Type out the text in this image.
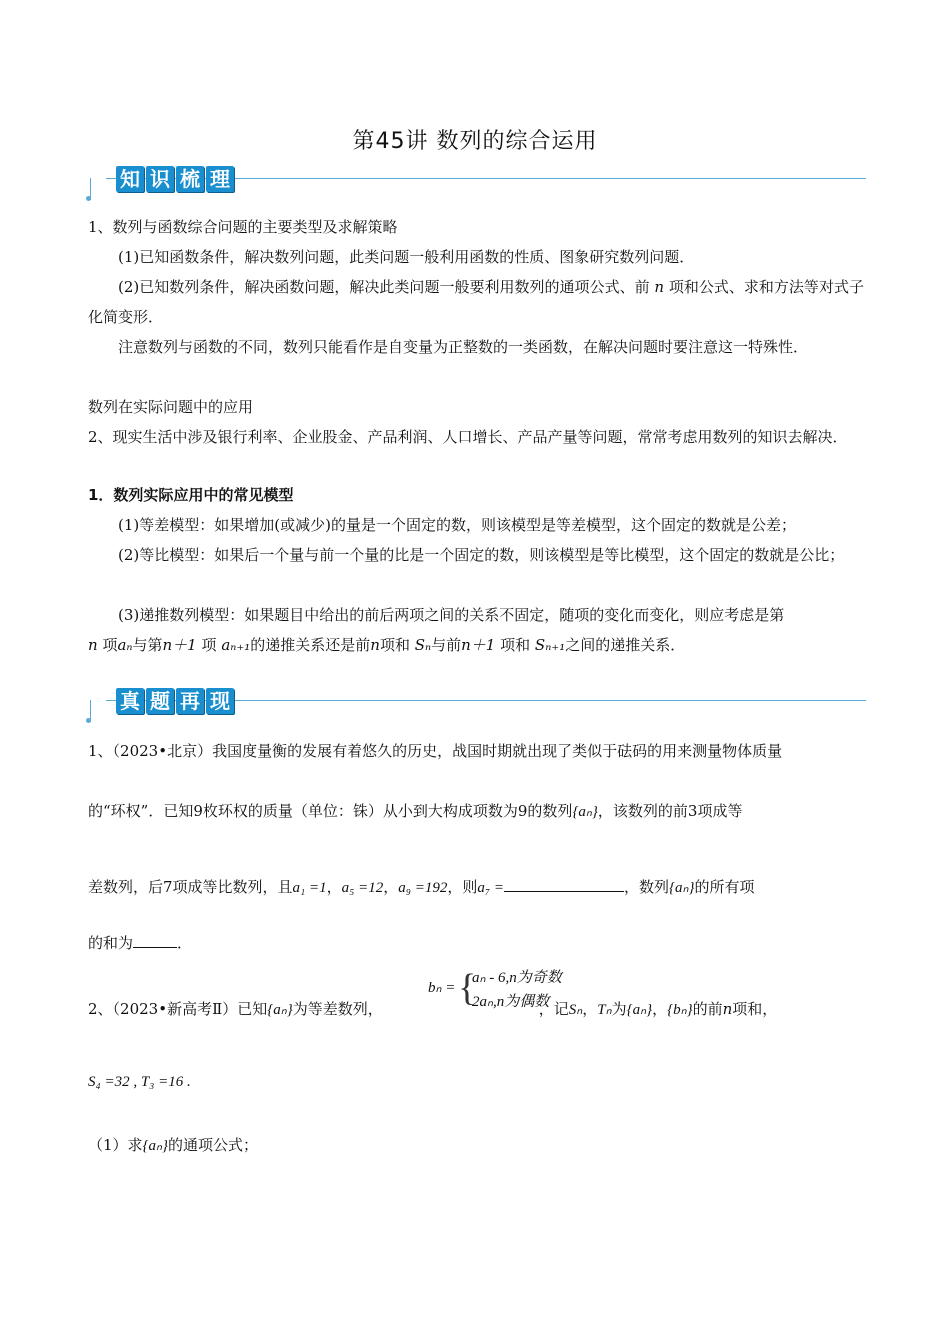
第45讲 数列的综合运用
知 识 梳 理
1、数列与函数综合问题的主要类型及求解策略
(1)已知函数条件，解决数列问题，此类问题一般利用函数的性质、图象研究数列问题．
(2)已知数列条件，解决函数问题，解决此类问题一般要利用数列的通项公式、前 n 项和公式、求和方法等对式子化简变形．
注意数列与函数的不同，数列只能看作是自变量为正整数的一类函数，在解决问题时要注意这一特殊性．
数列在实际问题中的应用
2、现实生活中涉及银行利率、企业股金、产品利润、人口增长、产品产量等问题，常常考虑用数列的知识去解决．
1．数列实际应用中的常见模型
(1)等差模型：如果增加(或减少)的量是一个固定的数，则该模型是等差模型，这个固定的数就是公差；
(2)等比模型：如果后一个量与前一个量的比是一个固定的数，则该模型是等比模型，这个固定的数就是公比；
(3)递推数列模型：如果题目中给出的前后两项之间的关系不固定，随项的变化而变化，则应考虑是第
n 项aₙ与第n＋1 项 aₙ₊₁的递推关系还是前n项和 Sₙ与前n＋1 项和 Sₙ₊₁之间的递推关系．
真 题 再 现
1、（2023•北京）我国度量衡的发展有着悠久的历史，战国时期就出现了类似于砝码的用来测量物体质量
的“环权”．已知9枚环权的质量（单位：铢）从小到大构成项数为9的数列{aₙ}，该数列的前3项成等
差数列，后7项成等比数列，且a₁ =1，a₅ =12，a₉ =192，则a₇ =	，数列{aₙ}的所有项
的和为	．
2、（2023•新高考Ⅱ）已知{aₙ}为等差数列，	，记Sₙ，Tₙ为{aₙ}，{bₙ}的前n项和，
bₙ = {
aₙ - 6,n为奇数
2aₙ,n为偶数
S₄ =32 , T₃ =16 .
（1）求{aₙ}的通项公式；
